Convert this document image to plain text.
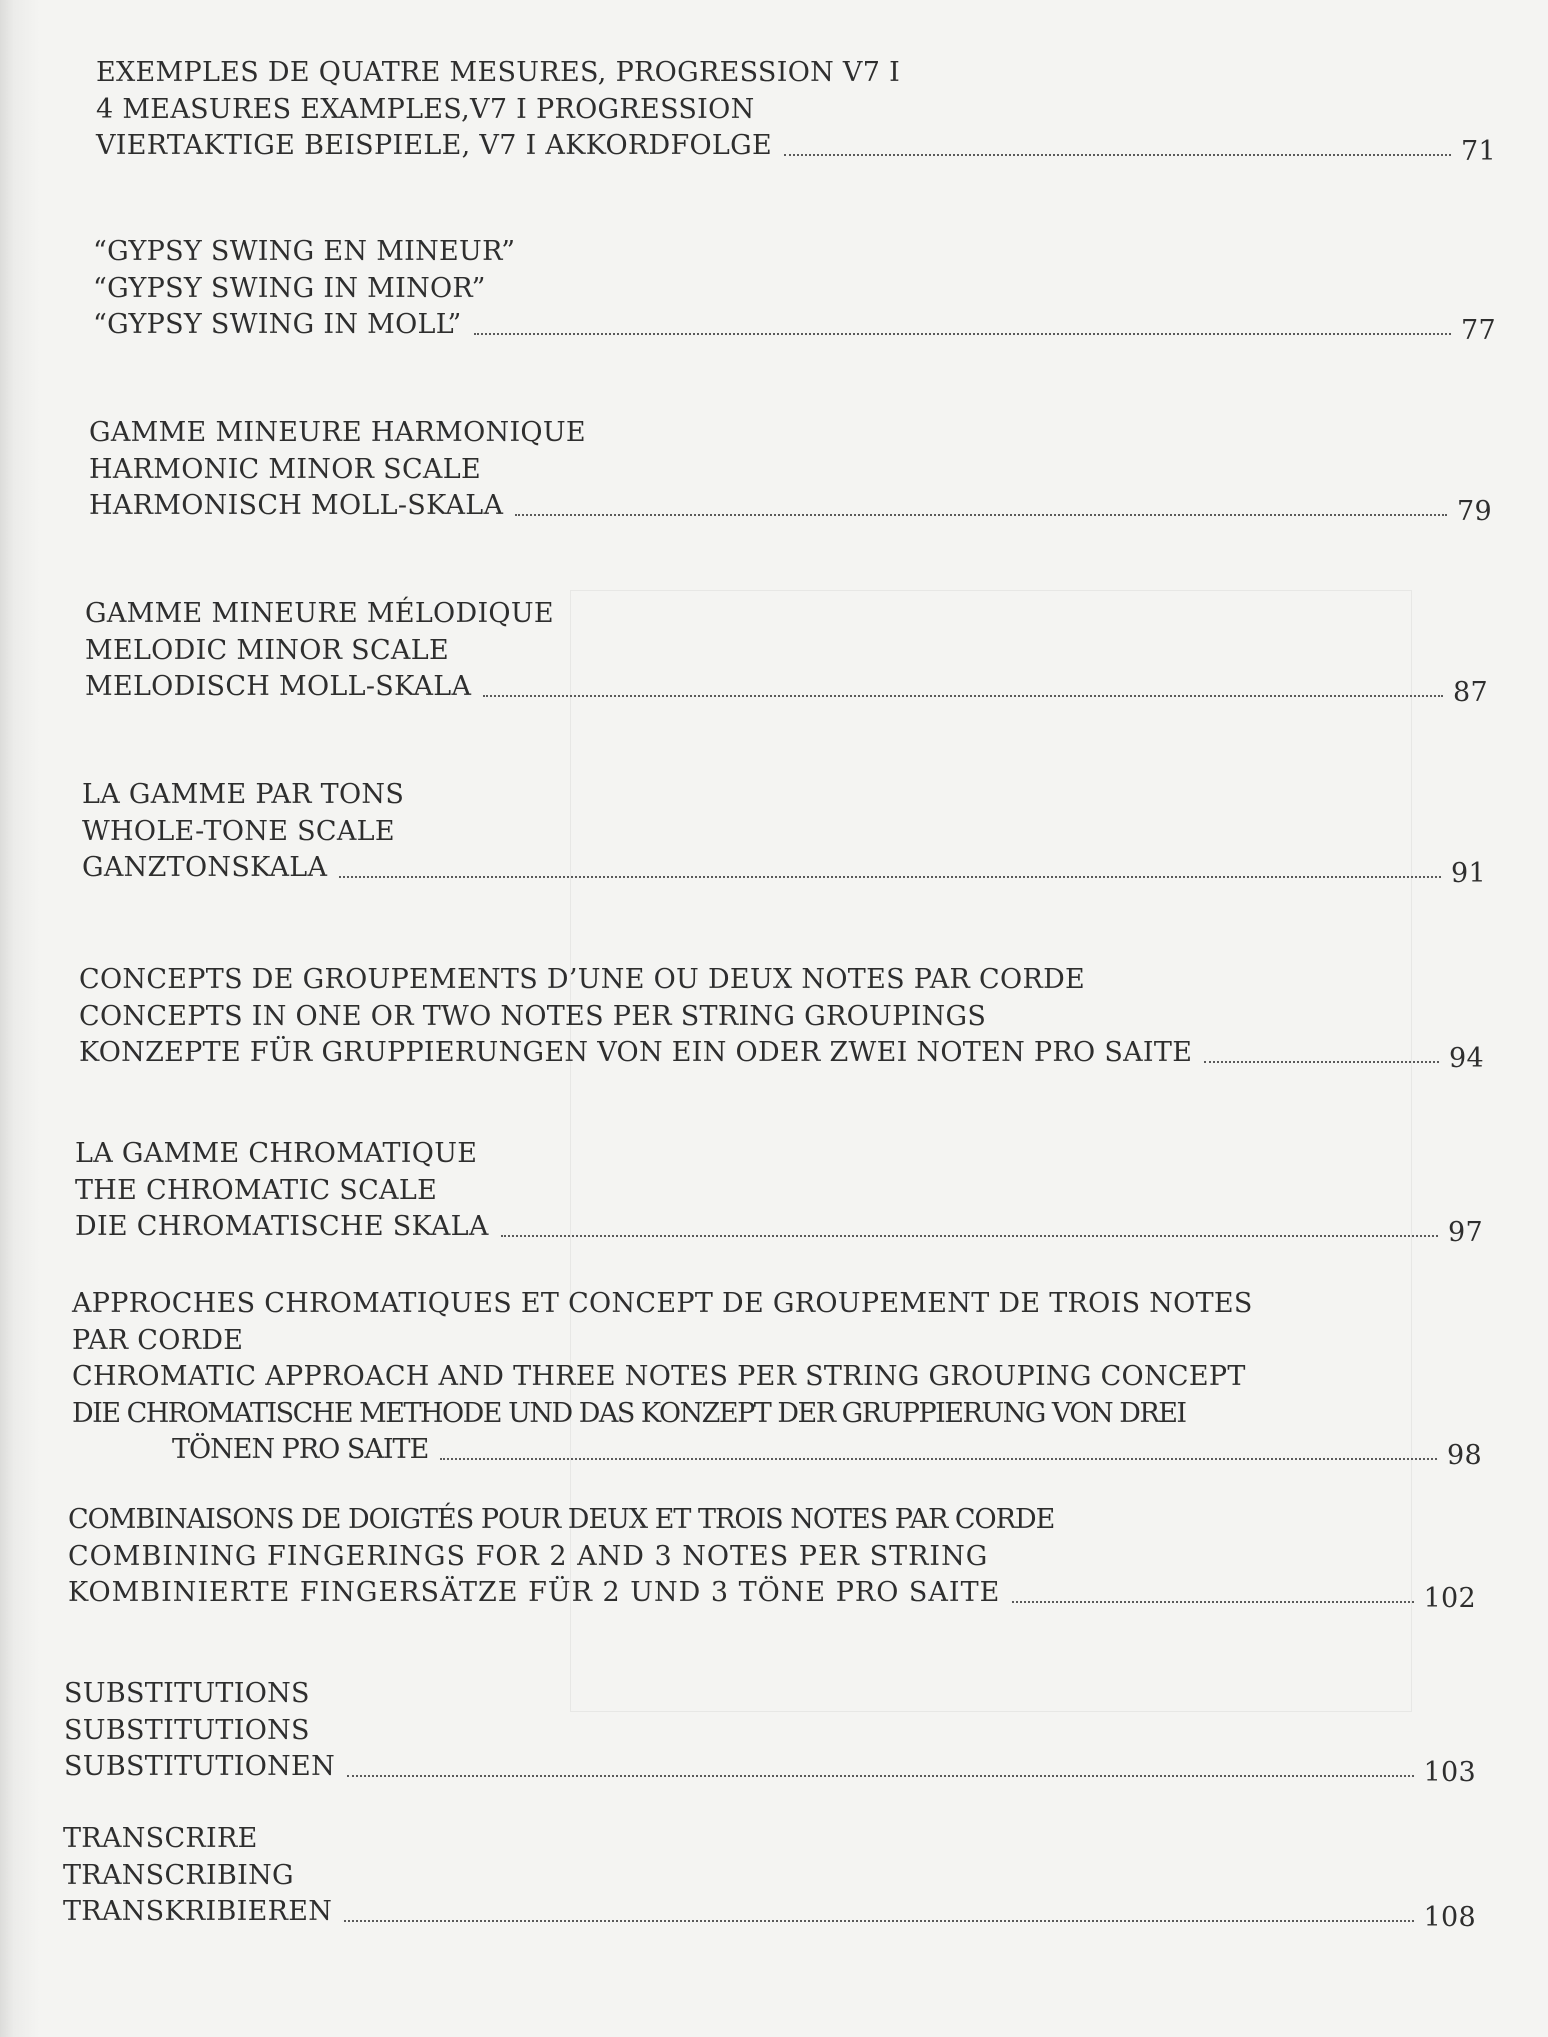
EXEMPLES DE QUATRE MESURES, PROGRESSION V7 I
4 MEASURES EXAMPLES,V7 I PROGRESSION
VIERTAKTIGE BEISPIELE, V7 I AKKORDFOLGE	71
“GYPSY SWING EN MINEUR”
“GYPSY SWING IN MINOR”
“GYPSY SWING IN MOLL”	77
GAMME MINEURE HARMONIQUE
HARMONIC MINOR SCALE
HARMONISCH MOLL-SKALA	79
GAMME MINEURE MÉLODIQUE
MELODIC MINOR SCALE
MELODISCH MOLL-SKALA	87
LA GAMME PAR TONS
WHOLE-TONE SCALE
GANZTONSKALA	91
CONCEPTS DE GROUPEMENTS D’UNE OU DEUX NOTES PAR CORDE
CONCEPTS IN ONE OR TWO NOTES PER STRING GROUPINGS
KONZEPTE FÜR GRUPPIERUNGEN VON EIN ODER ZWEI NOTEN PRO SAITE	94
LA GAMME CHROMATIQUE
THE CHROMATIC SCALE
DIE CHROMATISCHE SKALA	97
APPROCHES CHROMATIQUES ET CONCEPT DE GROUPEMENT DE TROIS NOTES
PAR CORDE
CHROMATIC APPROACH AND THREE NOTES PER STRING GROUPING CONCEPT
DIE CHROMATISCHE METHODE UND DAS KONZEPT DER GRUPPIERUNG VON DREI
TÖNEN PRO SAITE	98
COMBINAISONS DE DOIGTÉS POUR DEUX ET TROIS NOTES PAR CORDE
COMBINING FINGERINGS FOR 2 AND 3 NOTES PER STRING
KOMBINIERTE FINGERSÄTZE FÜR 2 UND 3 TÖNE PRO SAITE	102
SUBSTITUTIONS
SUBSTITUTIONS
SUBSTITUTIONEN	103
TRANSCRIRE
TRANSCRIBING
TRANSKRIBIEREN	108
